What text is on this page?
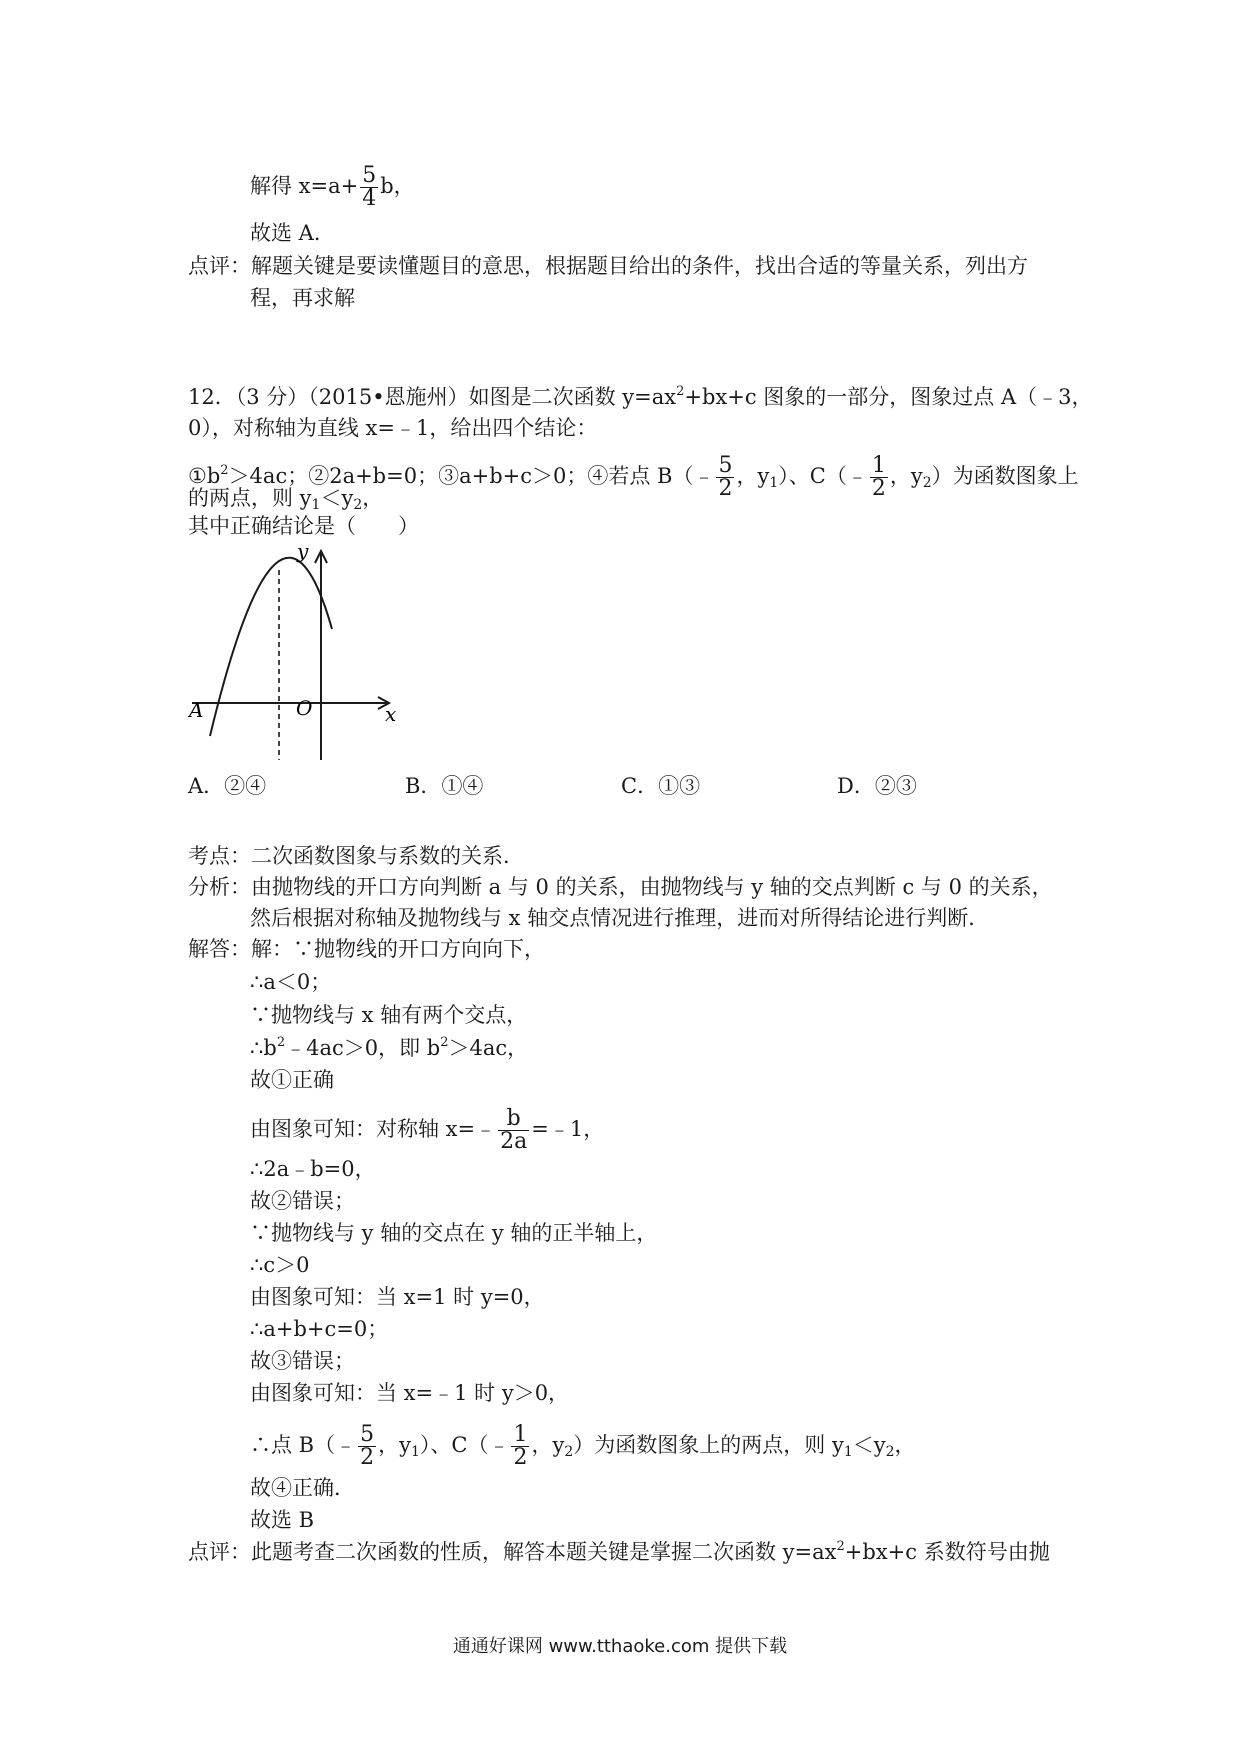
解得 $x=a+ \frac{5}{4}$ b，
故选 A．
点评：解题关键是要读懂题目的意思，根据题目给出的条件，找出合适的等量关系，列出方
程，再求解
12．（3 分）（2015•恩施州）如图是二次函数 $y=ax^2+bx+c$ 图象的一部分，图象过点 A（﹣3，
0），对称轴为直线 x=﹣1，给出四个结论：
$①b^2>4ac$；②2a+b=0；③a+b+c＞0；④若点 B（﹣ $\frac{5}{2}$ ，$y_1$）、C（﹣ $\frac{1}{2}$ ，$y_2$）为函数图象上
的两点，则 $y_1<y_2$，
其中正确结论是（　　）
y
x
O
A
A．②④	B．①④	C．①③	D．②③
考点：二次函数图象与系数的关系．
分析：由抛物线的开口方向判断 a 与 0 的关系，由抛物线与 y 轴的交点判断 c 与 0 的关系，
然后根据对称轴及抛物线与 x 轴交点情况进行推理，进而对所得结论进行判断．
解答：解：∵抛物线的开口方向向下，
∴a＜0；
∵抛物线与 x 轴有两个交点，
$\therefore b^2﹣4ac>0$，即 $b^2>4ac$，
故①正确
由图象可知：对称轴 x=﹣ $\frac{b}{2a}$ =﹣1，
∴2a﹣b=0，
故②错误；
∵抛物线与 y 轴的交点在 y 轴的正半轴上，
∴c＞0
由图象可知：当 x=1 时 y=0，
∴a+b+c=0；
故③错误；
由图象可知：当 x=﹣1 时 y＞0，
∴点 B（﹣ $\frac{5}{2}$ ，$y_1$）、C（﹣ $\frac{1}{2}$ ，$y_2$）为函数图象上的两点，则 $y_1<y_2$，
故④正确．
故选 B
点评：此题考查二次函数的性质，解答本题关键是掌握二次函数 $y=ax^2+bx+c$ 系数符号由抛
通通好课网 www.tthaoke.com 提供下载
